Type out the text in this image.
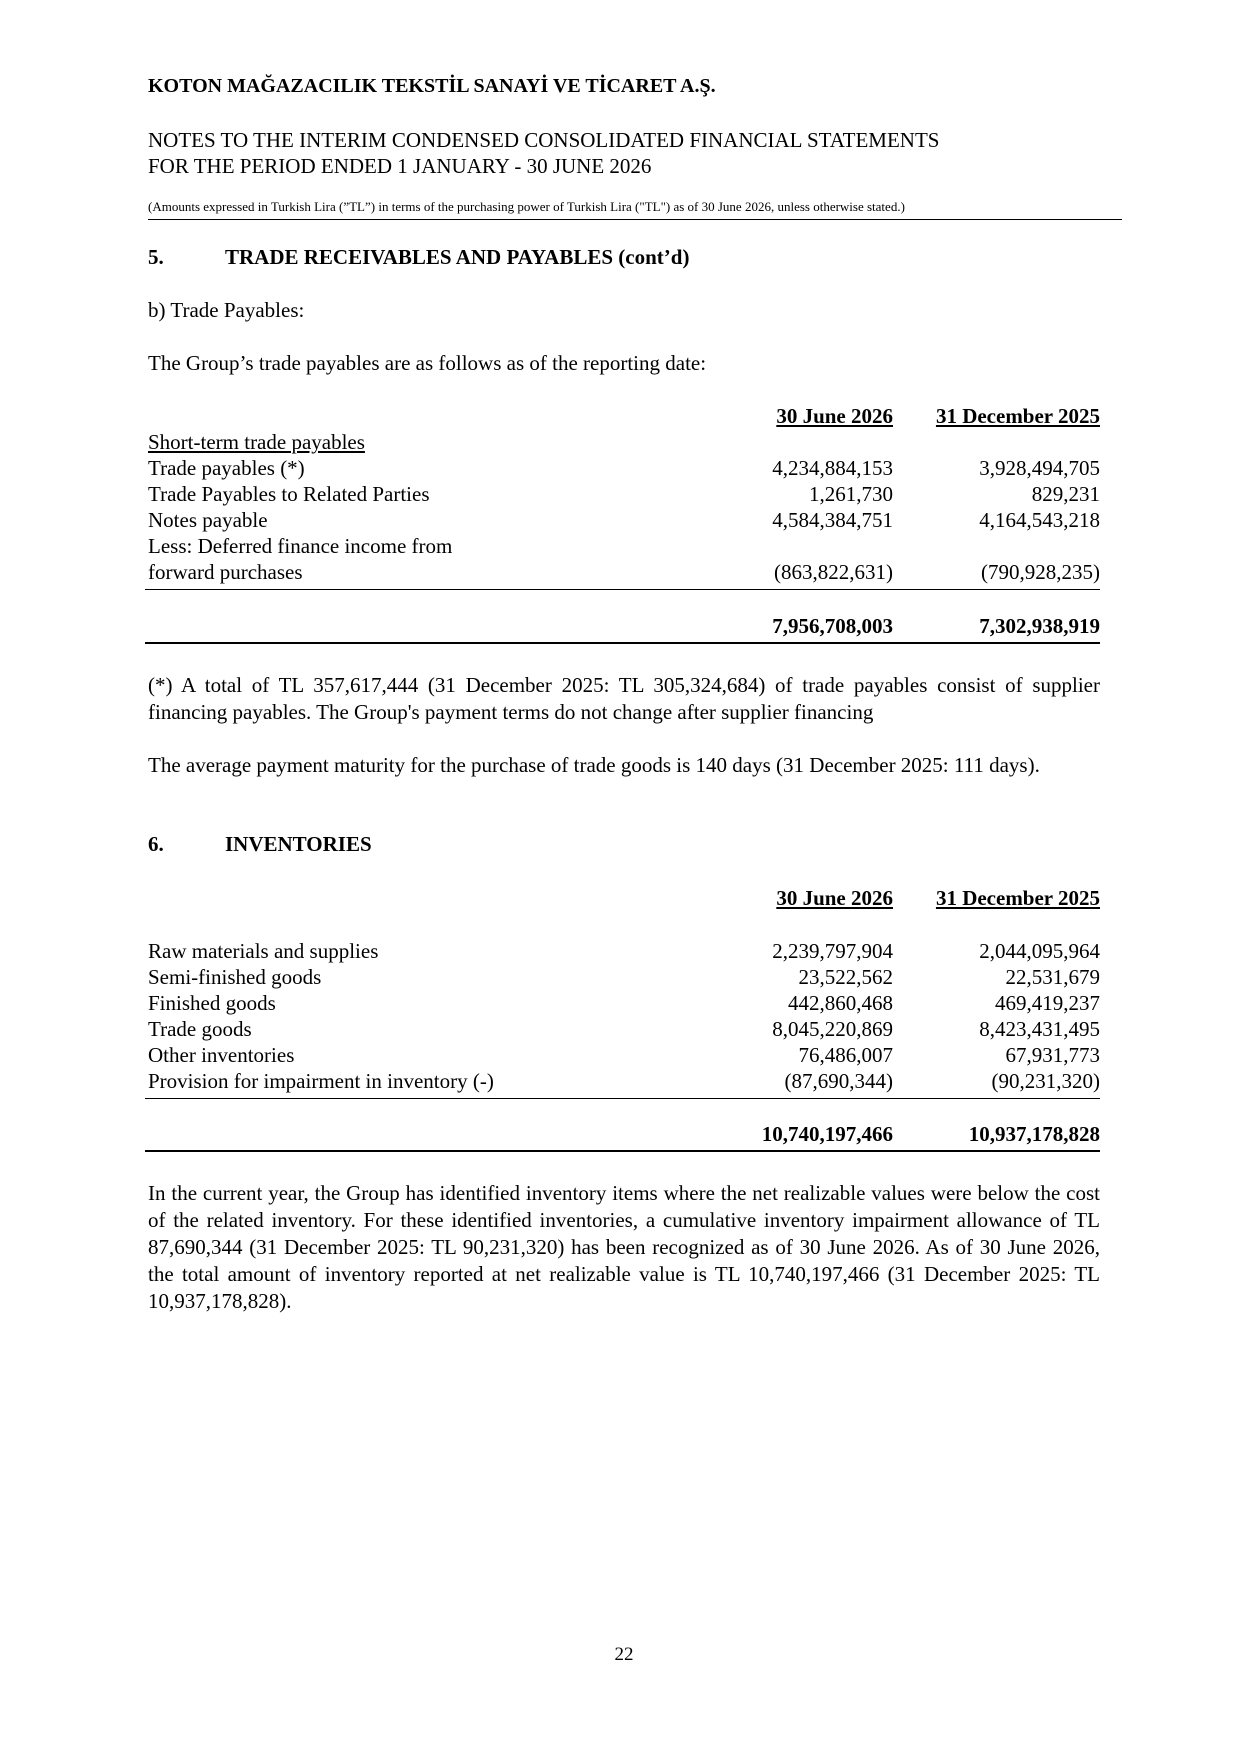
KOTON MAĞAZACILIK TEKSTİL SANAYİ VE TİCARET A.Ş.
NOTES TO THE INTERIM CONDENSED CONSOLIDATED FINANCIAL STATEMENTS
FOR THE PERIOD ENDED 1 JANUARY - 30 JUNE 2026
(Amounts expressed in Turkish Lira (”TL”) in terms of the purchasing power of Turkish Lira ("TL") as of 30 June 2026, unless otherwise stated.)
5.	TRADE RECEIVABLES AND PAYABLES (cont’d)
b) Trade Payables:
The Group’s trade payables are as follows as of the reporting date:
30 June 2026 31 December 2025
Short-term trade payables
Trade payables (*)	4,234,884,153	3,928,494,705
Trade Payables to Related Parties	1,261,730	829,231
Notes payable	4,584,384,751	4,164,543,218
Less: Deferred finance income from
forward purchases	(863,822,631)	(790,928,235)
7,956,708,003	7,302,938,919
(*) A total of TL 357,617,444 (31 December 2025: TL 305,324,684) of trade payables consist of supplier financing payables. The Group's payment terms do not change after supplier financing
The average payment maturity for the purchase of trade goods is 140 days (31 December 2025: 111 days).
6.	INVENTORIES
30 June 2026 31 December 2025
Raw materials and supplies	2,239,797,904	2,044,095,964
Semi-finished goods	23,522,562	22,531,679
Finished goods	442,860,468	469,419,237
Trade goods	8,045,220,869	8,423,431,495
Other inventories	76,486,007	67,931,773
Provision for impairment in inventory (-)	(87,690,344)	(90,231,320)
10,740,197,466	10,937,178,828
In the current year, the Group has identified inventory items where the net realizable values were below the cost of the related inventory. For these identified inventories, a cumulative inventory impairment allowance of TL 87,690,344 (31 December 2025: TL 90,231,320) has been recognized as of 30 June 2026. As of 30 June 2026, the total amount of inventory reported at net realizable value is TL 10,740,197,466 (31 December 2025: TL 10,937,178,828).
22
